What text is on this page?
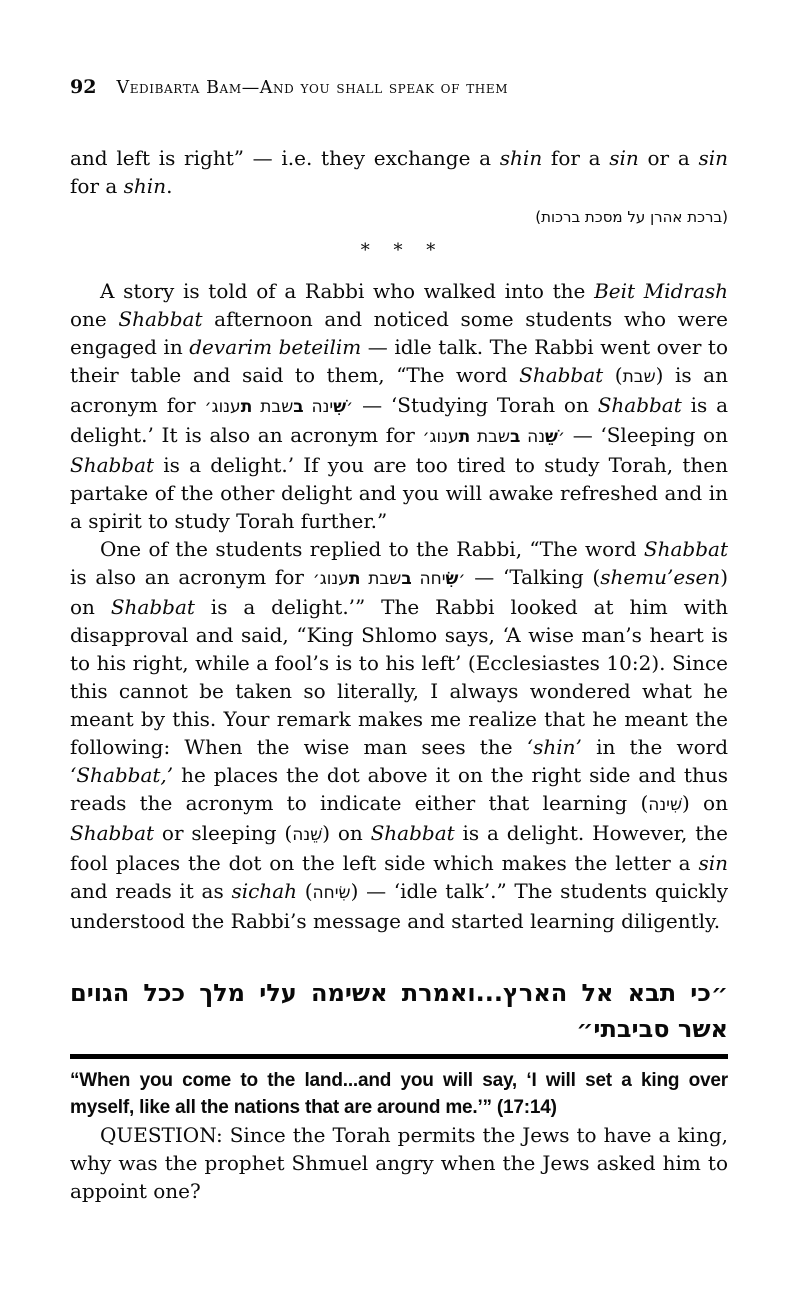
92 Vedibarta Bam—And you shall speak of them

and left is right” — i.e. they exchange a shin for a sin or a sin for a shin.

(ברכת אהרן על מסכת ברכות)

* * *

A story is told of a Rabbi who walked into the Beit Midrash one Shabbat afternoon and noticed some students who were engaged in devarim beteilim — idle talk. The Rabbi went over to their table and said to them, “The word Shabbat (שבת) is an acronym for	׳שִׁינה בשבת תענוג׳	— ‘Studying Torah on Shabbat is a delight.’ It is also an acronym for	׳שֵׁנה בשבת תענוג׳	— ‘Sleeping on Shabbat is a delight.’ If you are too tired to study Torah, then partake of the other delight and you will awake refreshed and in a spirit to study Torah further.”

One of the students replied to the Rabbi, “The word Shabbat is also an acronym for	׳שִׂיחה בשבת תענוג׳	— ‘Talking (shemu’esen) on Shabbat is a delight.’” The Rabbi looked at him with disapproval and said, “King Shlomo says, ‘A wise man’s heart is to his right, while a fool’s is to his left’ (Ecclesiastes 10:2). Since this cannot be taken so literally, I always wondered what he meant by this. Your remark makes me realize that he meant the following: When the wise man sees the ‘shin’ in the word ‘Shabbat,’ he places the dot above it on the right side and thus reads the acronym to indicate either that learning (שִׁינה) on Shabbat or sleeping (שֵׁנה) on Shabbat is a delight. However, the fool places the dot on the left side which makes the letter a sin and reads it as sichah (שִׂיחה) — ‘idle talk’.” The students quickly understood the Rabbi’s message and started learning diligently.

״כי תבא אל הארץ...ואמרת אשימה עלי מלך ככל הגוים אשר סביבתי״
“When you come to the land...and you will say, ‘I will set a king over myself, like all the nations that are around me.’” (17:14)

QUESTION: Since the Torah permits the Jews to have a king, why was the prophet Shmuel angry when the Jews asked him to appoint one?
